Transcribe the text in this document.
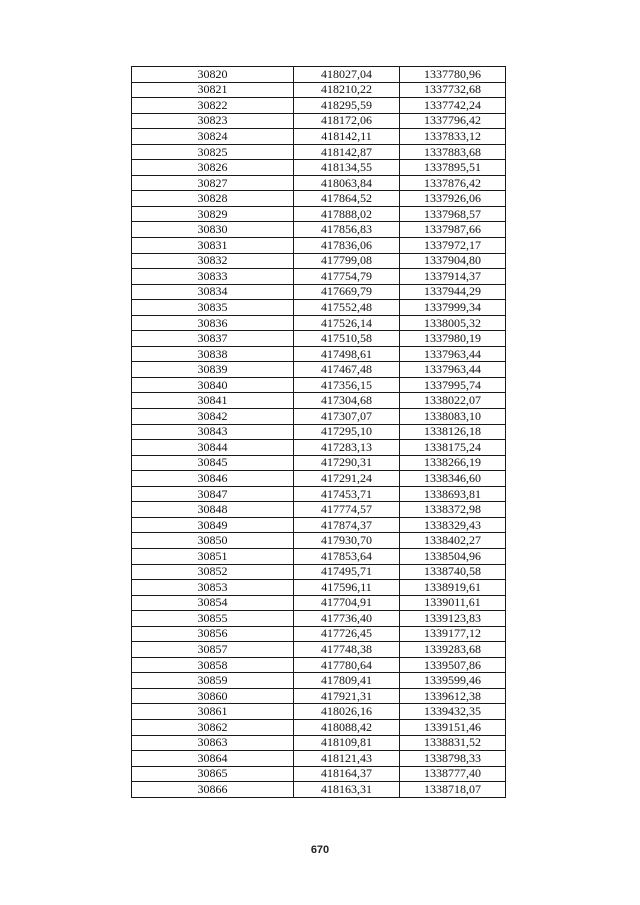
30820	418027,04	1337780,96
30821	418210,22	1337732,68
30822	418295,59	1337742,24
30823	418172,06	1337796,42
30824	418142,11	1337833,12
30825	418142,87	1337883,68
30826	418134,55	1337895,51
30827	418063,84	1337876,42
30828	417864,52	1337926,06
30829	417888,02	1337968,57
30830	417856,83	1337987,66
30831	417836,06	1337972,17
30832	417799,08	1337904,80
30833	417754,79	1337914,37
30834	417669,79	1337944,29
30835	417552,48	1337999,34
30836	417526,14	1338005,32
30837	417510,58	1337980,19
30838	417498,61	1337963,44
30839	417467,48	1337963,44
30840	417356,15	1337995,74
30841	417304,68	1338022,07
30842	417307,07	1338083,10
30843	417295,10	1338126,18
30844	417283,13	1338175,24
30845	417290,31	1338266,19
30846	417291,24	1338346,60
30847	417453,71	1338693,81
30848	417774,57	1338372,98
30849	417874,37	1338329,43
30850	417930,70	1338402,27
30851	417853,64	1338504,96
30852	417495,71	1338740,58
30853	417596,11	1338919,61
30854	417704,91	1339011,61
30855	417736,40	1339123,83
30856	417726,45	1339177,12
30857	417748,38	1339283,68
30858	417780,64	1339507,86
30859	417809,41	1339599,46
30860	417921,31	1339612,38
30861	418026,16	1339432,35
30862	418088,42	1339151,46
30863	418109,81	1338831,52
30864	418121,43	1338798,33
30865	418164,37	1338777,40
30866	418163,31	1338718,07
670
